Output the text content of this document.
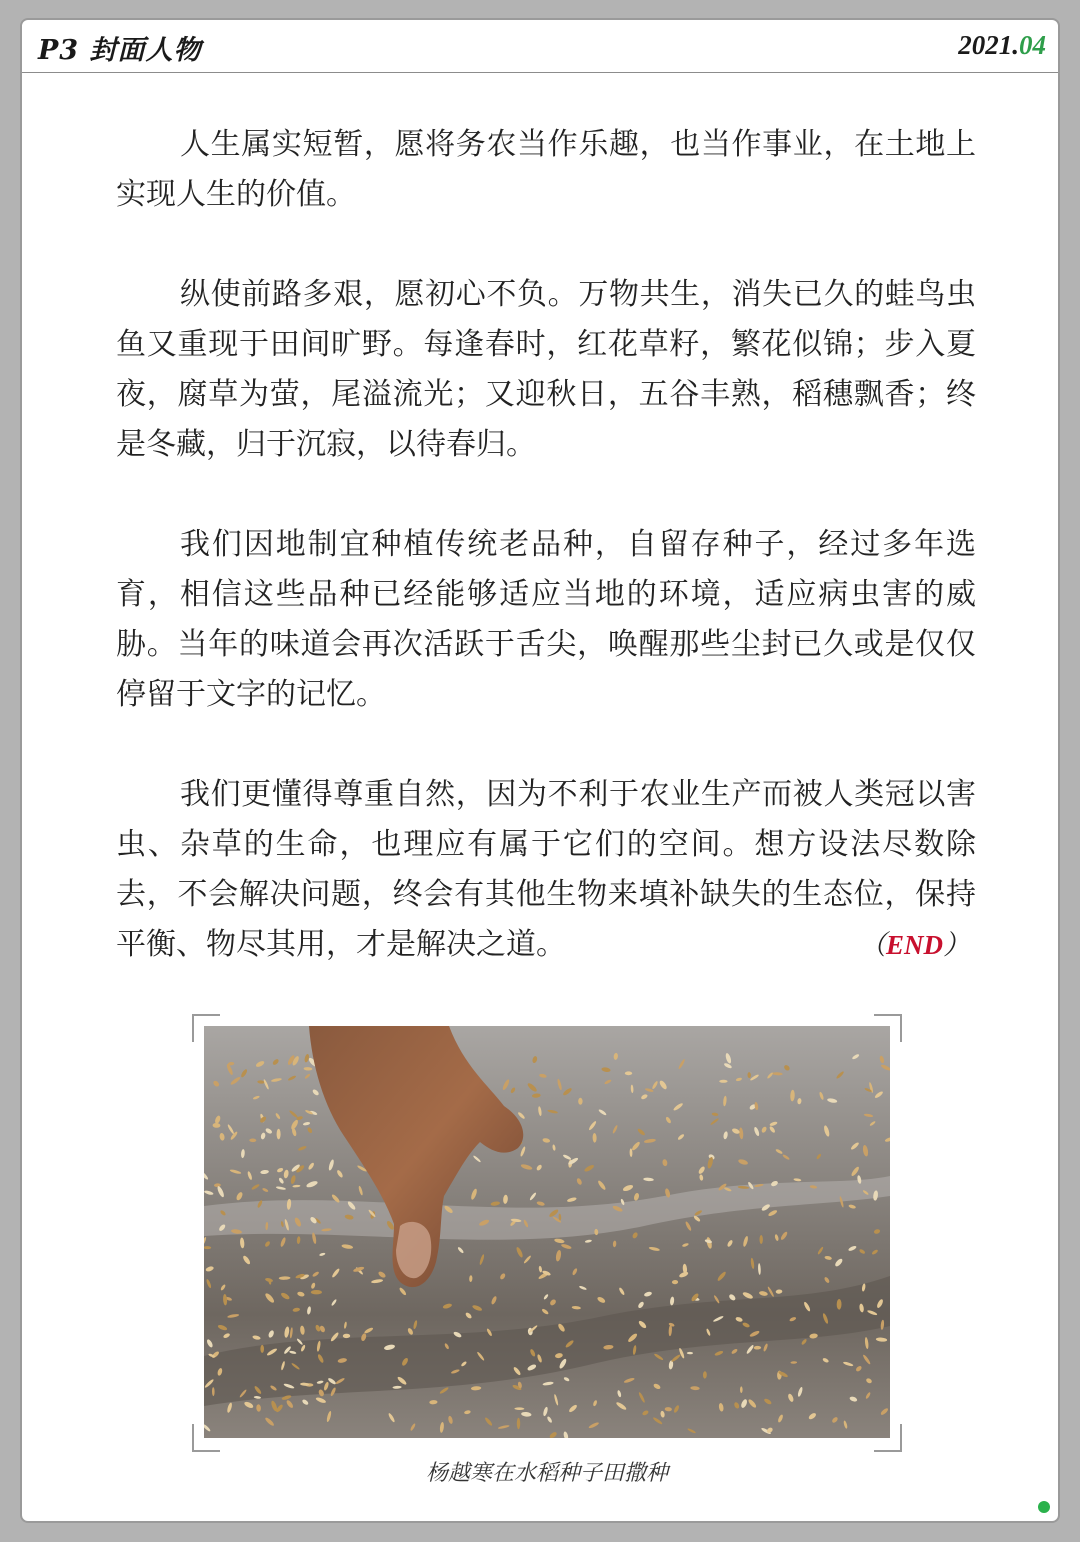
P3 封面人物	2021.04

人生属实短暂，愿将务农当作乐趣，也当作事业，在土地上实现人生的价值。

纵使前路多艰，愿初心不负。万物共生，消失已久的蛙鸟虫鱼又重现于田间旷野。每逢春时，红花草籽，繁花似锦；步入夏夜，腐草为萤，尾溢流光；又迎秋日，五谷丰熟，稻穗飘香；终是冬藏，归于沉寂，以待春归。

我们因地制宜种植传统老品种，自留存种子，经过多年选育，相信这些品种已经能够适应当地的环境，适应病虫害的威胁。当年的味道会再次活跃于舌尖，唤醒那些尘封已久或是仅仅停留于文字的记忆。

我们更懂得尊重自然，因为不利于农业生产而被人类冠以害虫、杂草的生命，也理应有属于它们的空间。想方设法尽数除去，不会解决问题，终会有其他生物来填补缺失的生态位，保持平衡、物尽其用，才是解决之道。	（END）
杨越寒在水稻种子田撒种
